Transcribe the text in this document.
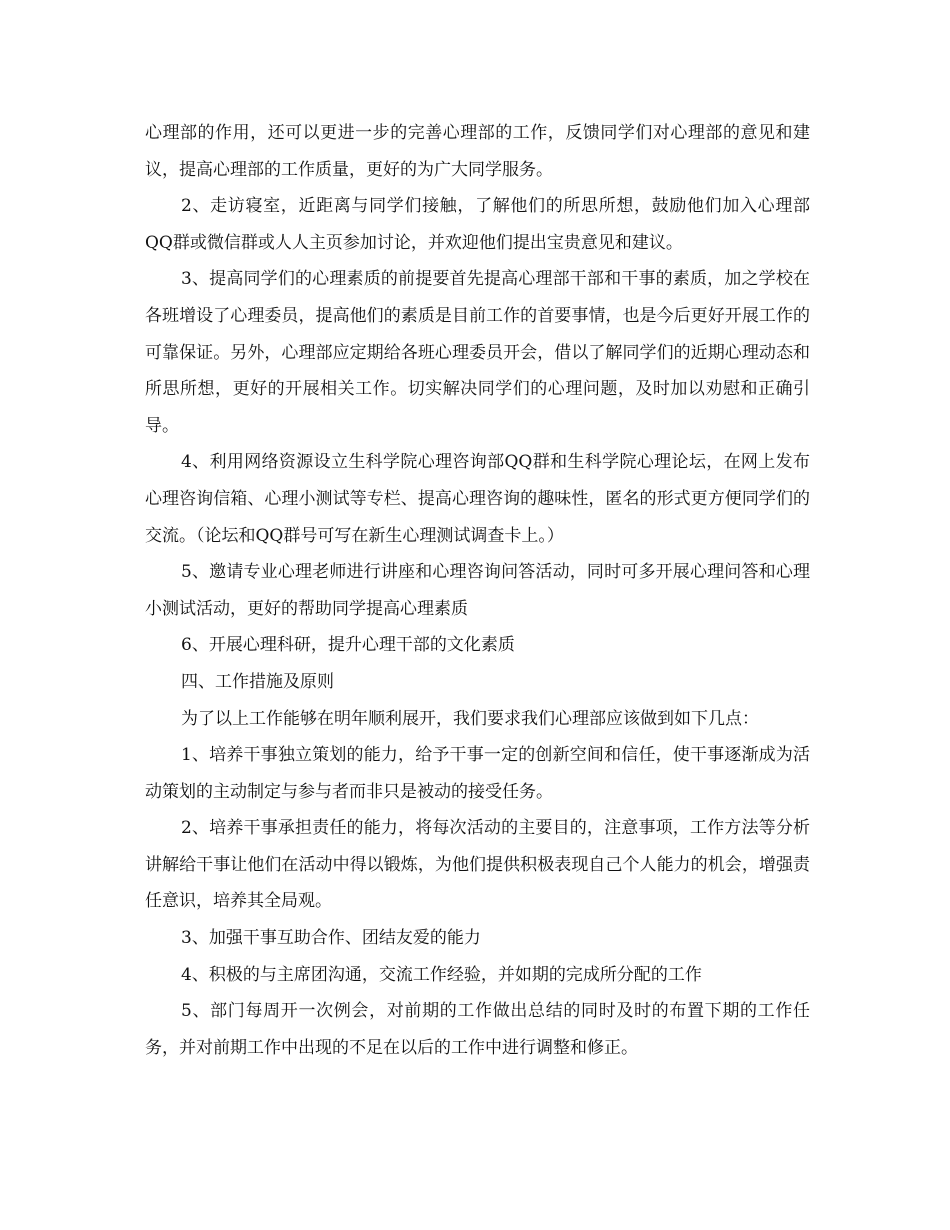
心理部的作用，还可以更进一步的完善心理部的工作，反馈同学们对心理部的意见和建议，提高心理部的工作质量，更好的为广大同学服务。

2、走访寝室，近距离与同学们接触，了解他们的所思所想，鼓励他们加入心理部QQ群或微信群或人人主页参加讨论，并欢迎他们提出宝贵意见和建议。

3、提高同学们的心理素质的前提要首先提高心理部干部和干事的素质，加之学校在各班增设了心理委员，提高他们的素质是目前工作的首要事情，也是今后更好开展工作的可靠保证。另外，心理部应定期给各班心理委员开会，借以了解同学们的近期心理动态和所思所想，更好的开展相关工作。切实解决同学们的心理问题，及时加以劝慰和正确引导。

4、利用网络资源设立生科学院心理咨询部QQ群和生科学院心理论坛，在网上发布心理咨询信箱、心理小测试等专栏、提高心理咨询的趣味性，匿名的形式更方便同学们的交流。（论坛和QQ群号可写在新生心理测试调查卡上。）

5、邀请专业心理老师进行讲座和心理咨询问答活动，同时可多开展心理问答和心理小测试活动，更好的帮助同学提高心理素质

6、开展心理科研，提升心理干部的文化素质

四、工作措施及原则

为了以上工作能够在明年顺利展开，我们要求我们心理部应该做到如下几点：

1、培养干事独立策划的能力，给予干事一定的创新空间和信任，使干事逐渐成为活动策划的主动制定与参与者而非只是被动的接受任务。

2、培养干事承担责任的能力，将每次活动的主要目的，注意事项，工作方法等分析讲解给干事让他们在活动中得以锻炼，为他们提供积极表现自己个人能力的机会，增强责任意识，培养其全局观。

3、加强干事互助合作、团结友爱的能力

4、积极的与主席团沟通，交流工作经验，并如期的完成所分配的工作

5、部门每周开一次例会，对前期的工作做出总结的同时及时的布置下期的工作任务，并对前期工作中出现的不足在以后的工作中进行调整和修正。
